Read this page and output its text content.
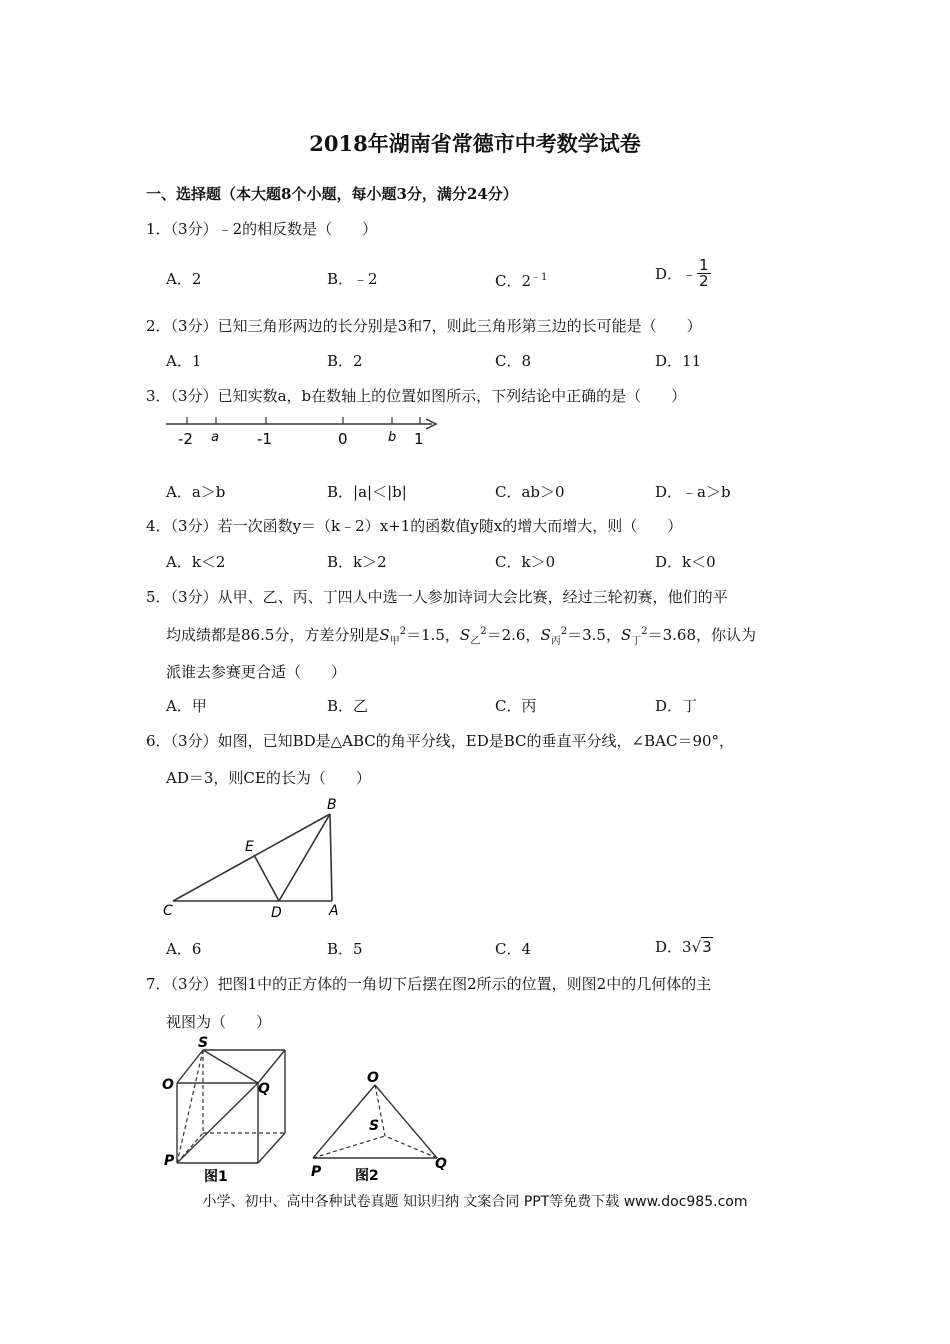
2018年湖南省常德市中考数学试卷
一、选择题（本大题8个小题，每小题3分，满分24分）
1．（3分）﹣2的相反数是（　　）
A．2	B．﹣2	C．$2^{﹣1}$	D．﹣ $\frac{1}{2}$
2．（3分）已知三角形两边的长分别是3和7，则此三角形第三边的长可能是（　　）
A．1	B．2	C．8	D．11
3．（3分）已知实数a，b在数轴上的位置如图所示，下列结论中正确的是（　　）
-2 a	-1	0	b 1
A．a＞b	B．|a|＜|b|	C．ab＞0	D．﹣a＞b
4．（3分）若一次函数y＝（k﹣2）x+1的函数值y随x的增大而增大，则（　　）
A．k＜2	B．k＞2	C．k＞0	D．k＜0
5．（3分）从甲、乙、丙、丁四人中选一人参加诗词大会比赛，经过三轮初赛，他们的平
均成绩都是86.5分，方差分别是$S_甲^2=1.5$，$S_乙^2=2.6$，$S_丙^2=3.5$，$S_丁^2=3.68$，你认为
派谁去参赛更合适（　　）
A．甲	B．乙	C．丙	D．丁
6．（3分）如图，已知BD是△ABC的角平分线，ED是BC的垂直平分线，∠BAC＝90°，
AD＝3，则CE的长为（　　）
B
E
C	D	A
A．6	B．5	C．4	D．3√3
7．（3分）把图1中的正方体的一角切下后摆在图2所示的位置，则图2中的几何体的主
视图为（　　）
S
O	Q
P
图1
O
S
P	Q
图2
小学、初中、高中各种试卷真题 知识归纳 文案合同 PPT等免费下载 www.doc985.com
